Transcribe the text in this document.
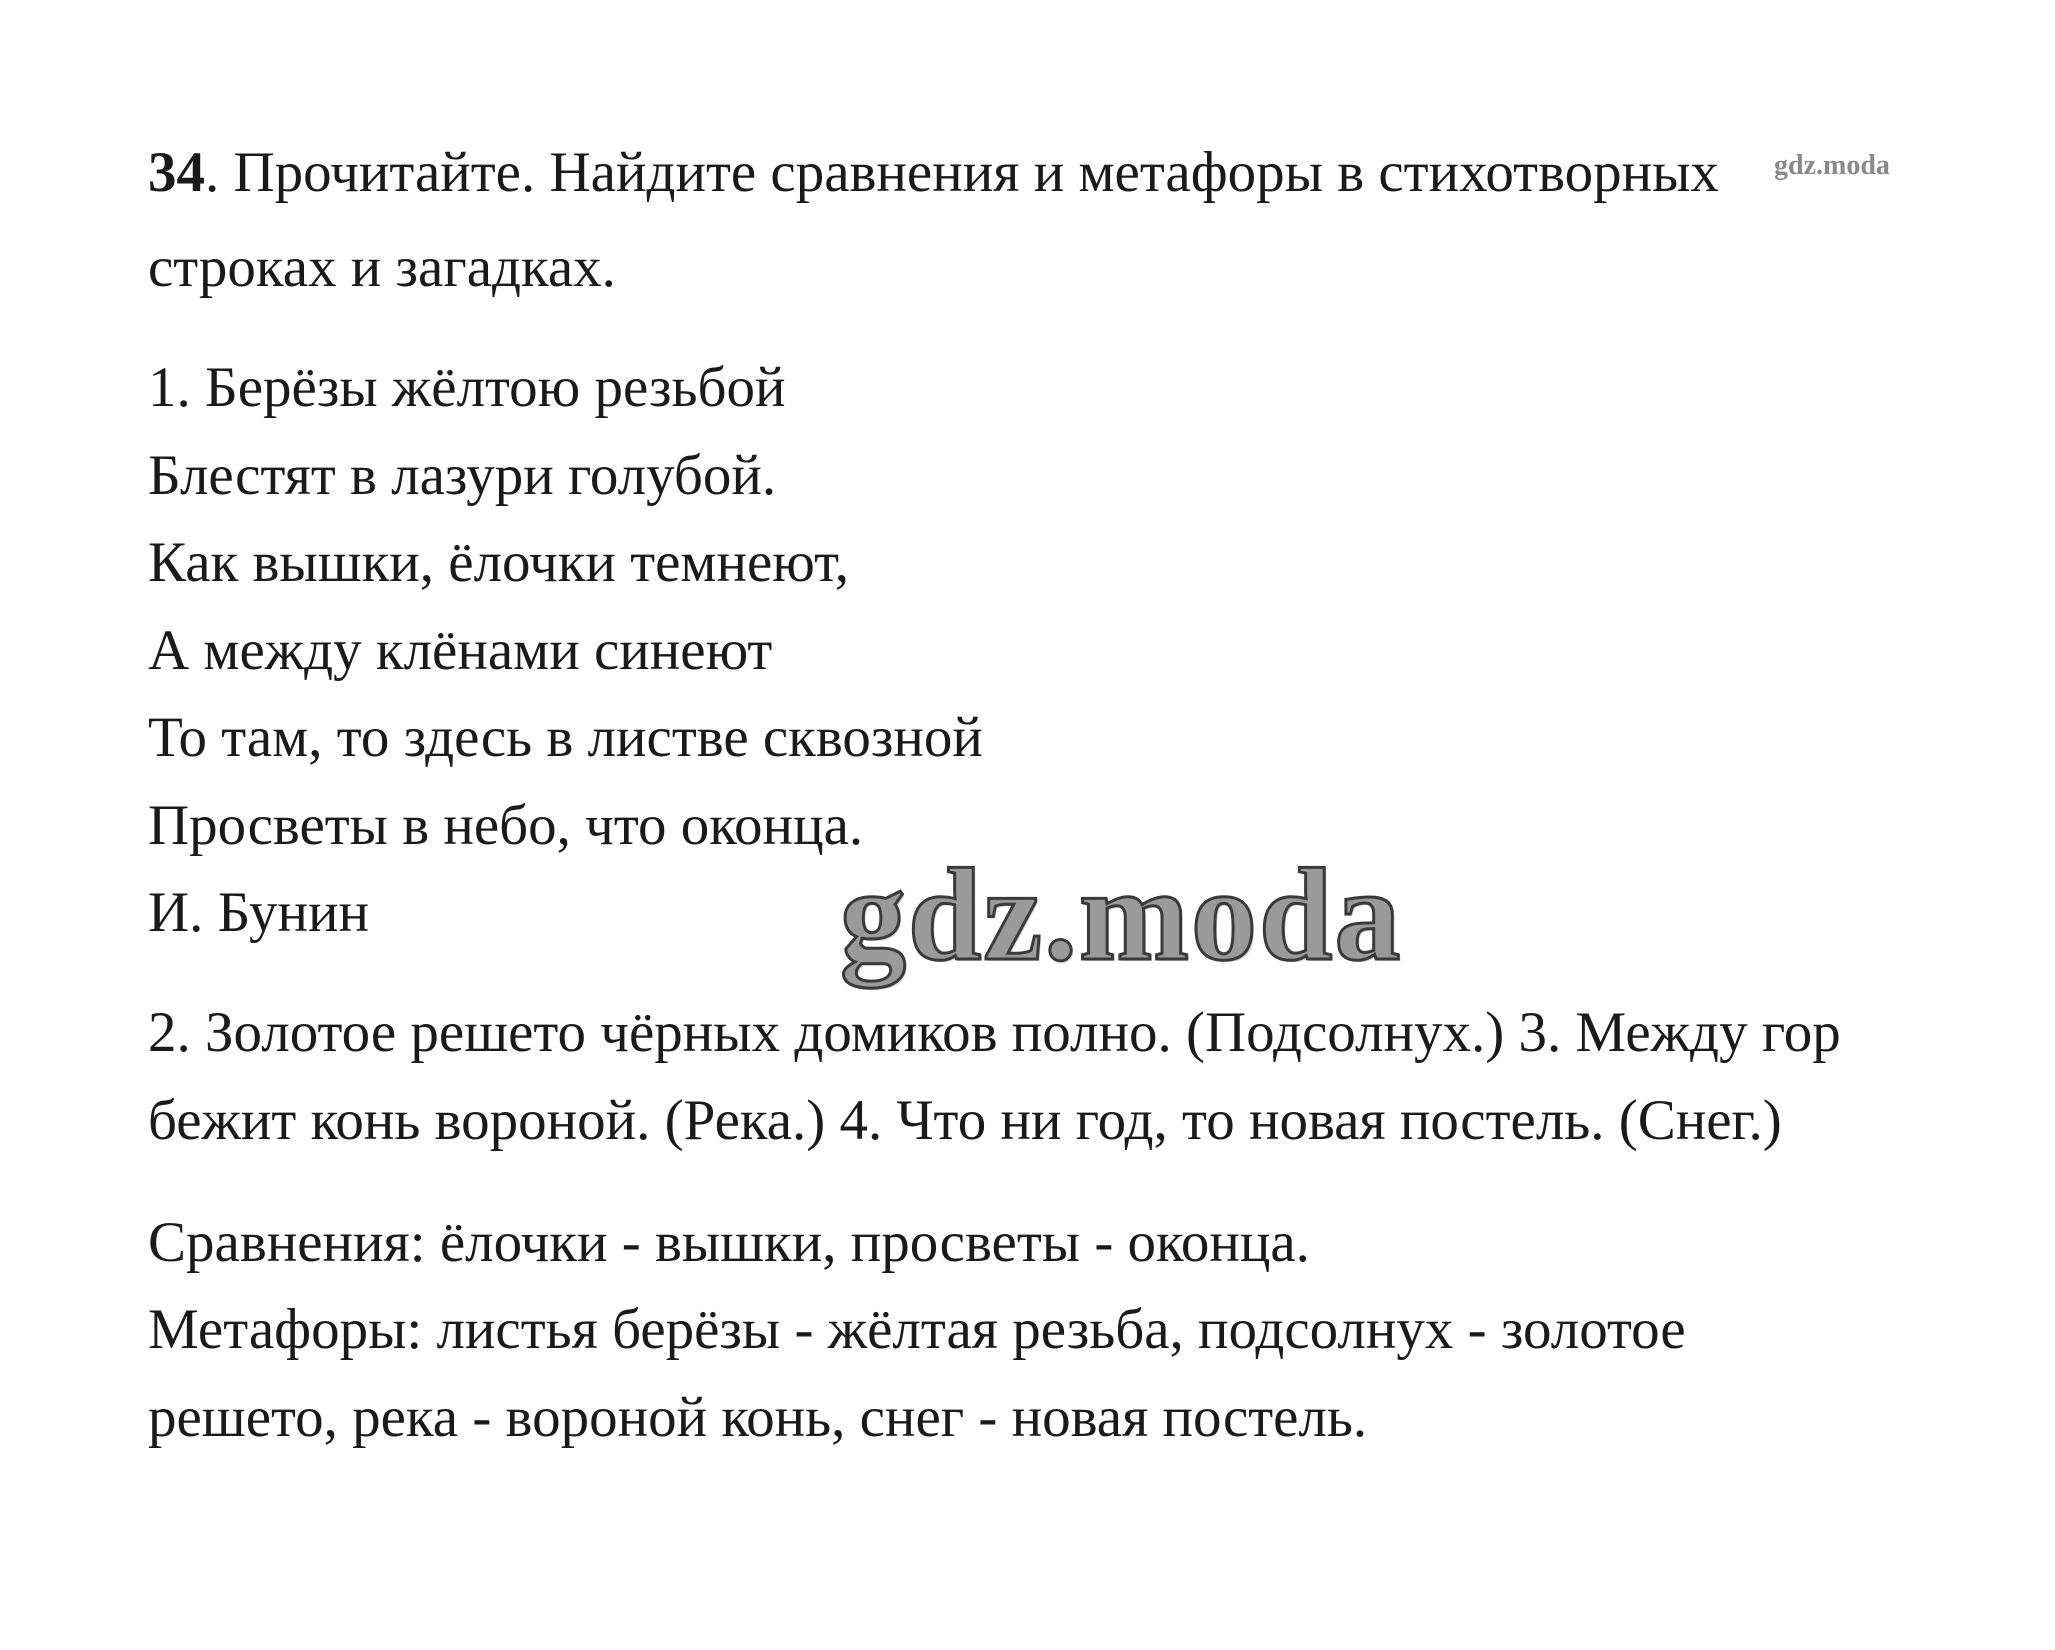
34. Прочитайте. Найдите сравнения и метафоры в стихотворных gdz.moda
строках и загадках.
1. Берёзы жёлтою резьбой
Блестят в лазури голубой.
Как вышки, ёлочки темнеют,
А между клёнами синеют
То там, то здесь в листве сквозной
Просветы в небо, что оконца.
И. Бунин	gdz.moda
2. Золотое решето чёрных домиков полно. (Подсолнух.) 3. Между гор
бежит конь вороной. (Река.) 4. Что ни год, то новая постель. (Снег.)
Сравнения: ёлочки - вышки, просветы - оконца.
Метафоры: листья берёзы - жёлтая резьба, подсолнух - золотое
решето, река - вороной конь, снег - новая постель.
